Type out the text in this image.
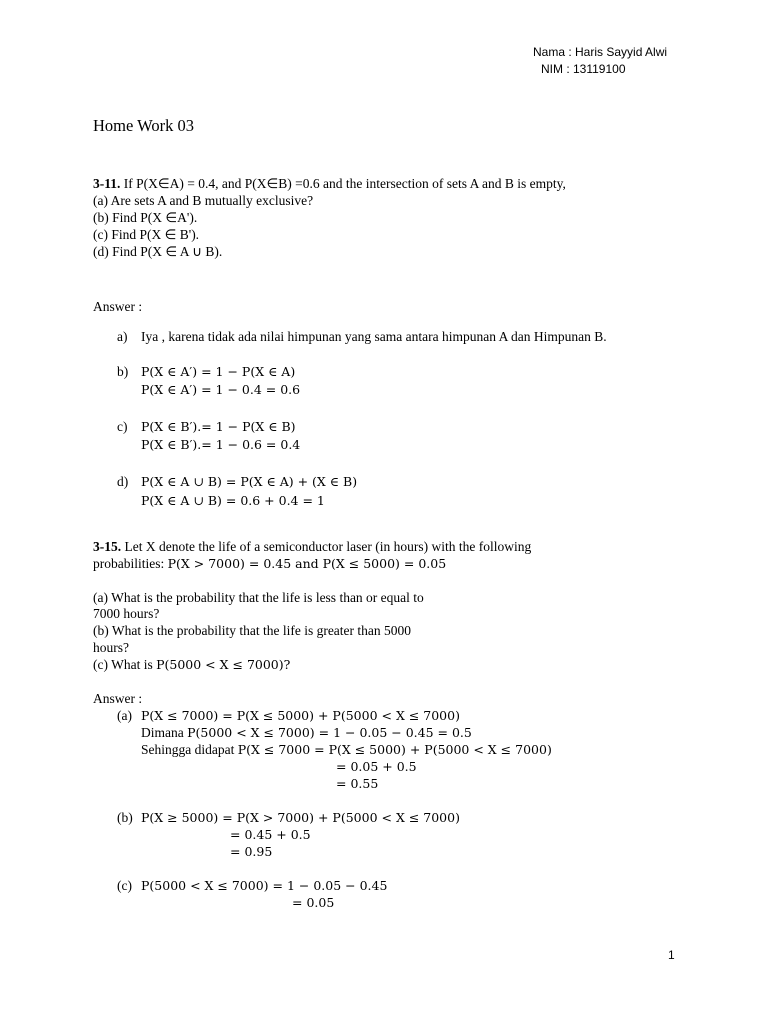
Nama : Haris Sayyid Alwi
NIM : 13119100
Home Work 03
3-11. If P(X∈A) = 0.4, and P(X∈B) =0.6 and the intersection of sets A and B is empty,
(a) Are sets A and B mutually exclusive?
(b) Find P(X ∈A').
(c) Find P(X ∈ B').
(d) Find P(X ∈ A ∪ B).
Answer :
a) Iya , karena tidak ada nilai himpunan yang sama antara himpunan A dan Himpunan B.
b) P(X ∈ A′) = 1 − P(X ∈ A)
P(X ∈ A′) = 1 − 0.4 = 0.6
c) P(X ∈ B′).= 1 − P(X ∈ B)
P(X ∈ B′).= 1 − 0.6 = 0.4
d) P(X ∈ A ∪ B) = P(X ∈ A) + (X ∈ B)
P(X ∈ A ∪ B) = 0.6 + 0.4 = 1
3-15. Let X denote the life of a semiconductor laser (in hours) with the following
probabilities: P(X > 7000) = 0.45 and P(X ≤ 5000) = 0.05
(a) What is the probability that the life is less than or equal to
7000 hours?
(b) What is the probability that the life is greater than 5000
hours?
(c) What is P(5000 < X ≤ 7000)?
Answer :
(a) P(X ≤ 7000) = P(X ≤ 5000) + P(5000 < X ≤ 7000)
Dimana P(5000 < X ≤ 7000) = 1 − 0.05 − 0.45 = 0.5
Sehingga didapat P(X ≤ 7000 = P(X ≤ 5000) + P(5000 < X ≤ 7000)
= 0.05 + 0.5
= 0.55
(b) P(X ≥ 5000) = P(X > 7000) + P(5000 < X ≤ 7000)
= 0.45 + 0.5
= 0.95
(c) P(5000 < X ≤ 7000) = 1 − 0.05 − 0.45
= 0.05
1
